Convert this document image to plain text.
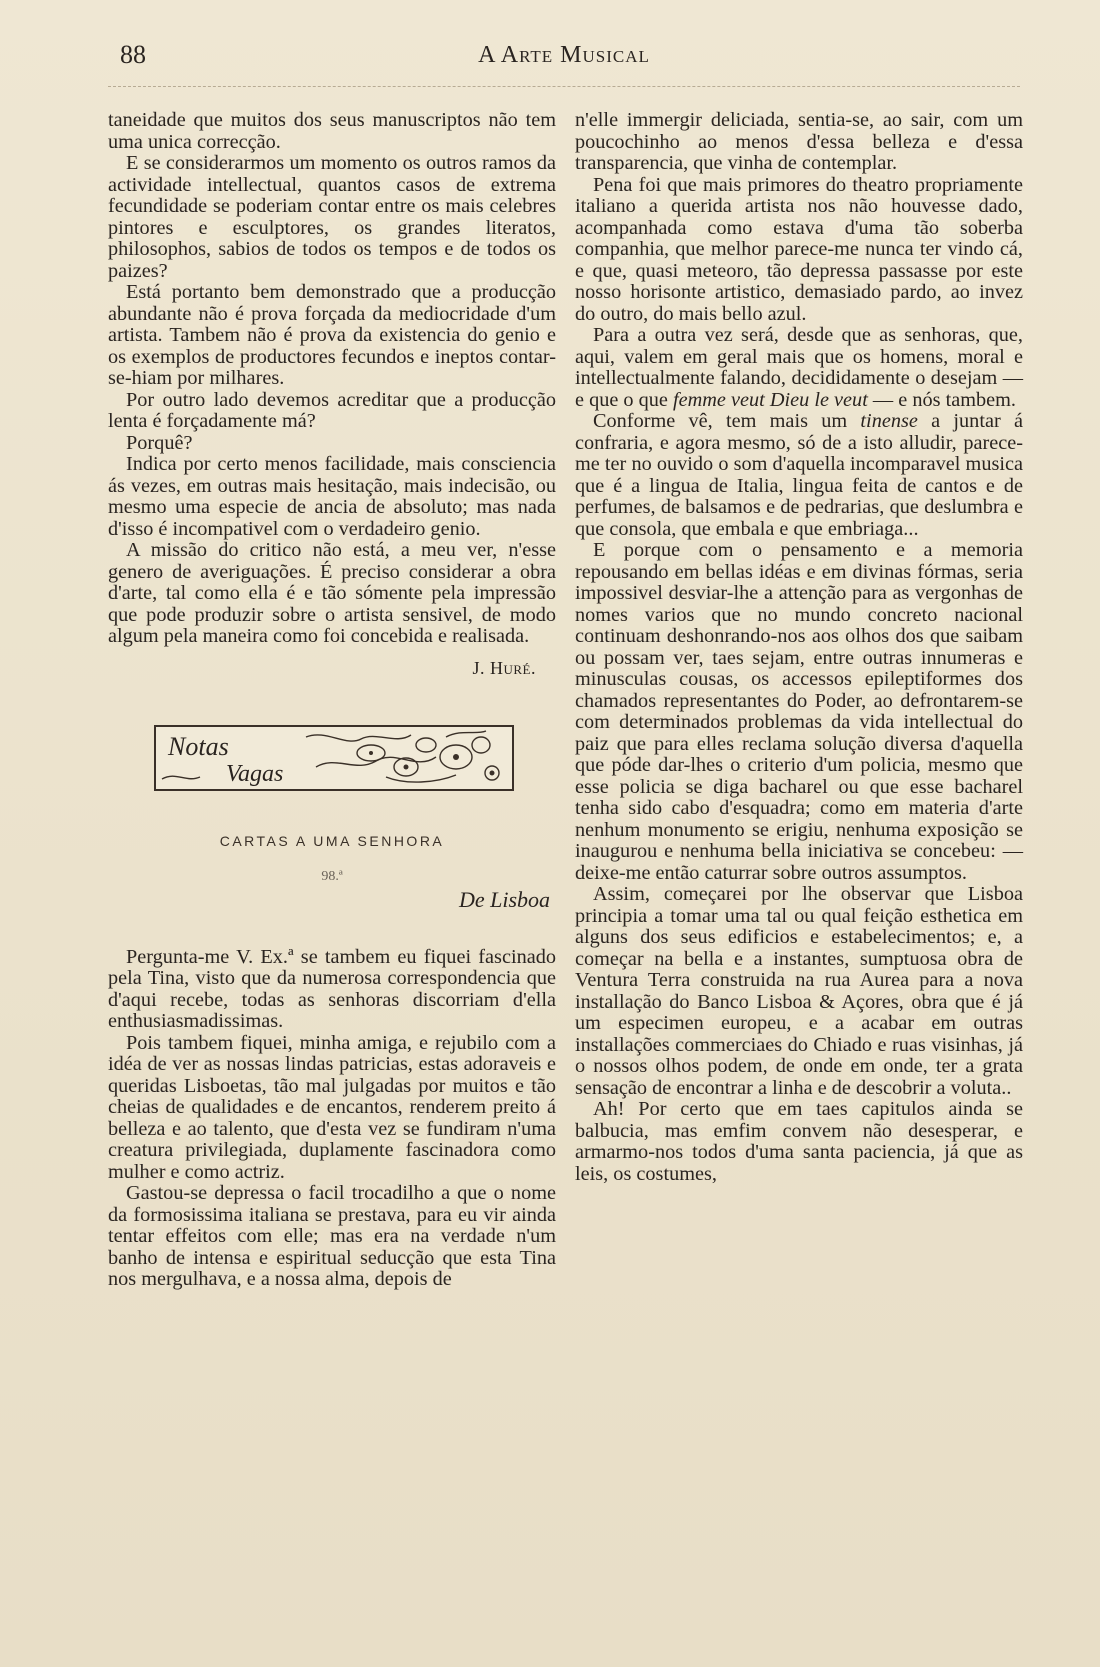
88	A Arte Musical

taneidade que muitos dos seus manuscriptos não tem uma unica correcção.

E se considerarmos um momento os outros ramos da actividade intellectual, quantos casos de extrema fecundidade se poderiam contar entre os mais celebres pintores e esculptores, os grandes literatos, philosophos, sabios de todos os tempos e de todos os paizes?

Está portanto bem demonstrado que a producção abundante não é prova forçada da mediocridade d'um artista. Tambem não é prova da existencia do genio e os exemplos de productores fecundos e ineptos contar-se-hiam por milhares.

Por outro lado devemos acreditar que a producção lenta é forçadamente má?

Porquê?

Indica por certo menos facilidade, mais consciencia ás vezes, em outras mais hesitação, mais indecisão, ou mesmo uma especie de ancia de absoluto; mas nada d'isso é incompativel com o verdadeiro genio.

A missão do critico não está, a meu ver, n'esse genero de averiguações. É preciso considerar a obra d'arte, tal como ella é e tão sómente pela impressão que pode produzir sobre o artista sensivel, de modo algum pela maneira como foi concebida e realisada.

J. Huré.
Notas
Vagas
CARTAS A UMA SENHORA
98.ª
De Lisboa

Pergunta-me V. Ex.ª se tambem eu fiquei fascinado pela Tina, visto que da numerosa correspondencia que d'aqui recebe, todas as senhoras discorriam d'ella enthusiasmadissimas.

Pois tambem fiquei, minha amiga, e rejubilo com a idéa de ver as nossas lindas patricias, estas adoraveis e queridas Lisboetas, tão mal julgadas por muitos e tão cheias de qualidades e de encantos, renderem preito á belleza e ao talento, que d'esta vez se fundiram n'uma creatura privilegiada, duplamente fascinadora como mulher e como actriz.

Gastou-se depressa o facil trocadilho a que o nome da formosissima italiana se prestava, para eu vir ainda tentar effeitos com elle; mas era na verdade n'um banho de intensa e espiritual seducção que esta Tina nos mergulhava, e a nossa alma, depois de

n'elle immergir deliciada, sentia-se, ao sair, com um poucochinho ao menos d'essa belleza e d'essa transparencia, que vinha de contemplar.

Pena foi que mais primores do theatro propriamente italiano a querida artista nos não houvesse dado, acompanhada como estava d'uma tão soberba companhia, que melhor parece-me nunca ter vindo cá, e que, quasi meteoro, tão depressa passasse por este nosso horisonte artistico, demasiado pardo, ao invez do outro, do mais bello azul.

Para a outra vez será, desde que as senhoras, que, aqui, valem em geral mais que os homens, moral e intellectualmente falando, decididamente o desejam — e que o que femme veut Dieu le veut — e nós tambem.

Conforme vê, tem mais um tinense a juntar á confraria, e agora mesmo, só de a isto alludir, parece-me ter no ouvido o som d'aquella incomparavel musica que é a lingua de Italia, lingua feita de cantos e de perfumes, de balsamos e de pedrarias, que deslumbra e que consola, que embala e que embriaga...

E porque com o pensamento e a memoria repousando em bellas idéas e em divinas fórmas, seria impossivel desviar-lhe a attenção para as vergonhas de nomes varios que no mundo concreto nacional continuam deshonrando-nos aos olhos dos que saibam ou possam ver, taes sejam, entre outras innumeras e minusculas cousas, os accessos epileptiformes dos chamados representantes do Poder, ao defrontarem-se com determinados problemas da vida intellectual do paiz que para elles reclama solução diversa d'aquella que póde dar-lhes o criterio d'um policia, mesmo que esse policia se diga bacharel ou que esse bacharel tenha sido cabo d'esquadra; como em materia d'arte nenhum monumento se erigiu, nenhuma exposição se inaugurou e nenhuma bella iniciativa se concebeu: — deixe-me então caturrar sobre outros assumptos.

Assim, começarei por lhe observar que Lisboa principia a tomar uma tal ou qual feição esthetica em alguns dos seus edificios e estabelecimentos; e, a começar na bella e a instantes, sumptuosa obra de Ventura Terra construida na rua Aurea para a nova installação do Banco Lisboa & Açores, obra que é já um especimen europeu, e a acabar em outras installações commerciaes do Chiado e ruas visinhas, já o nossos olhos podem, de onde em onde, ter a grata sensação de encontrar a linha e de descobrir a voluta..

Ah! Por certo que em taes capitulos ainda se balbucia, mas emfim convem não desesperar, e armarmo-nos todos d'uma santa paciencia, já que as leis, os costumes,
